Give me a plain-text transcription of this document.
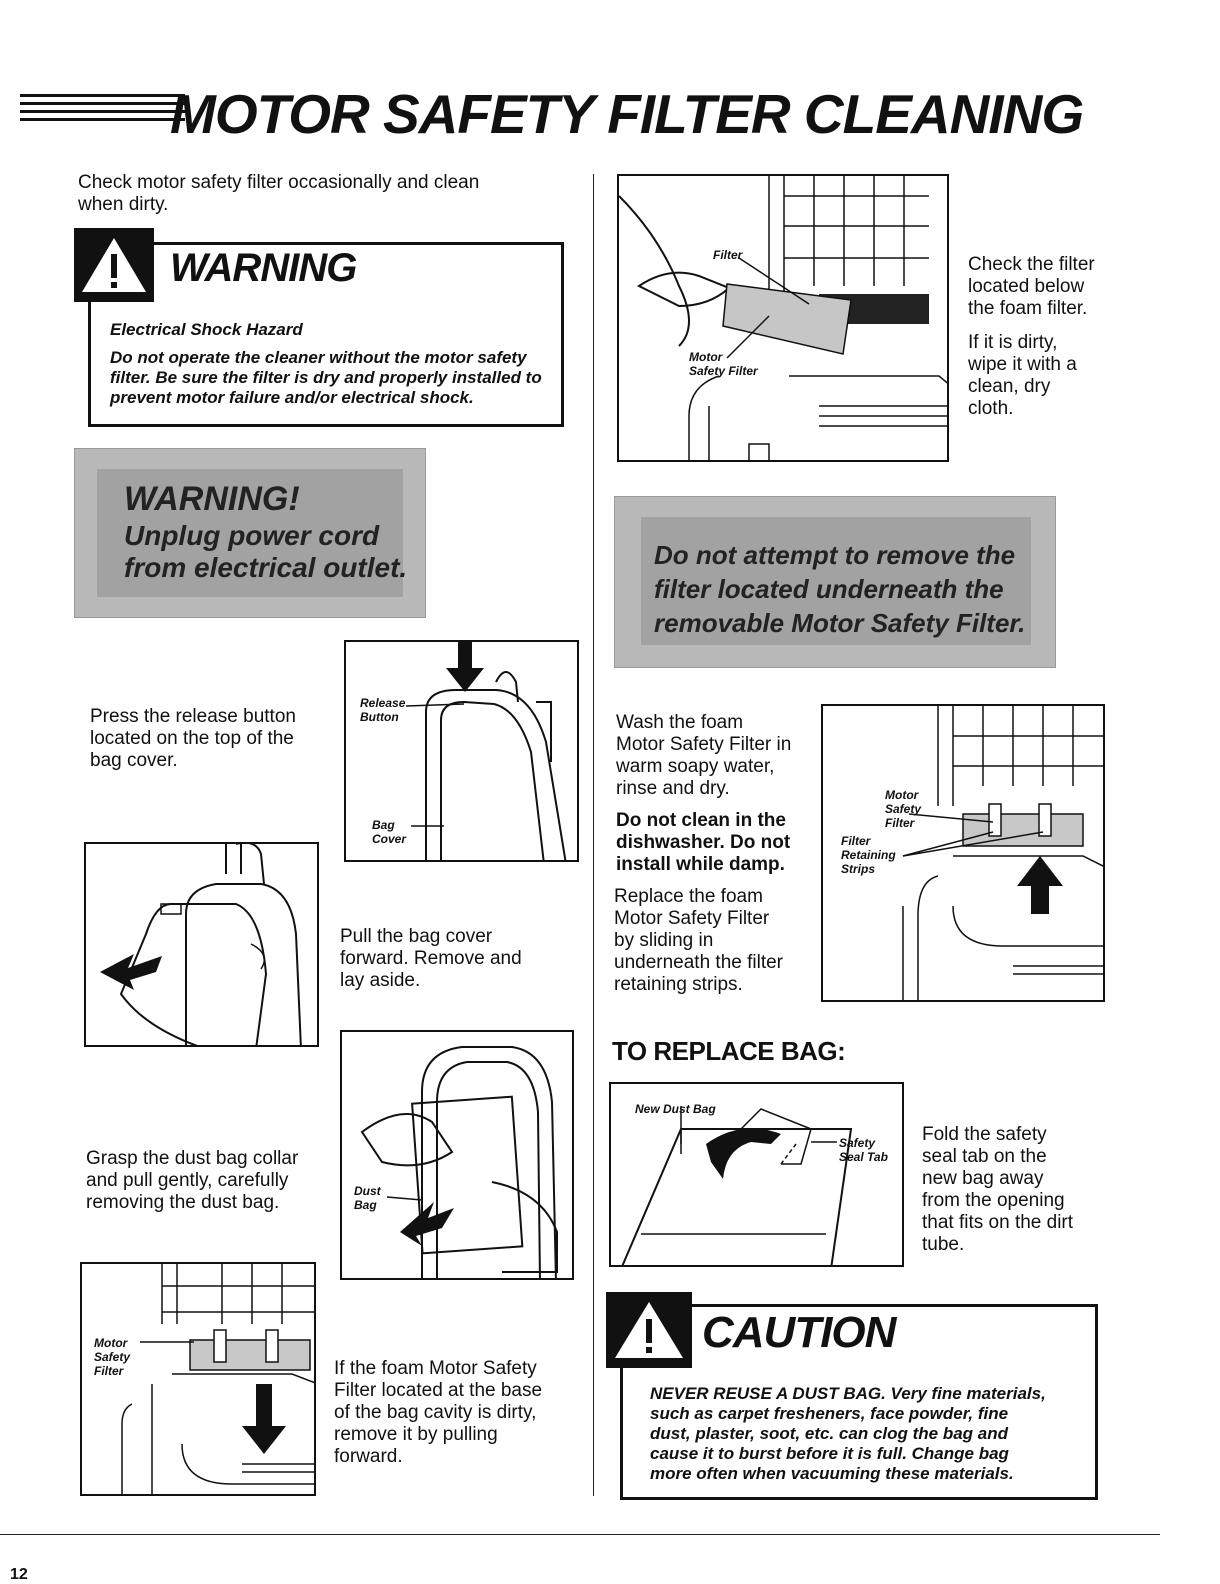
MOTOR SAFETY FILTER CLEANING
Check motor safety filter occasionally and clean
when dirty.
WARNING
Electrical Shock Hazard
Do not operate the cleaner without the motor safety
filter. Be sure the filter is dry and properly installed to
prevent motor failure and/or electrical shock.
WARNING!
Unplug power cord
from electrical outlet.
12
Press the release button
located on the top of the
bag cover.
Release
Button
Bag
Cover
Pull the bag cover
forward. Remove and
lay aside.
Grasp the dust bag collar
and pull gently, carefully
removing the dust bag.
Dust
Bag
Motor
Safety
Filter	If the foam Motor Safety
Filter located at the base
of the bag cavity is dirty,
remove it by pulling
forward.
Filter
Motor
Safety Filter
Check the filter
located below
the foam filter.
If it is dirty,
wipe it with a
clean, dry
cloth.
Do not attempt to remove the
filter located underneath the
removable Motor Safety Filter.
Wash the foam
Motor Safety Filter in
warm soapy water,
rinse and dry.
Do not clean in the
dishwasher. Do not
install while damp.
Replace the foam
Motor Safety Filter
by sliding in
underneath the filter
retaining strips.
Motor
Safety
Filter
Filter
Retaining
Strips
TO REPLACE BAG:
New Dust Bag
Safety
Seal Tab
Fold the safety
seal tab on the
new bag away
from the opening
that fits on the dirt
tube.
CAUTION
NEVER REUSE A DUST BAG. Very fine materials,
such as carpet fresheners, face powder, fine
dust, plaster, soot, etc. can clog the bag and
cause it to burst before it is full. Change bag
more often when vacuuming these materials.
